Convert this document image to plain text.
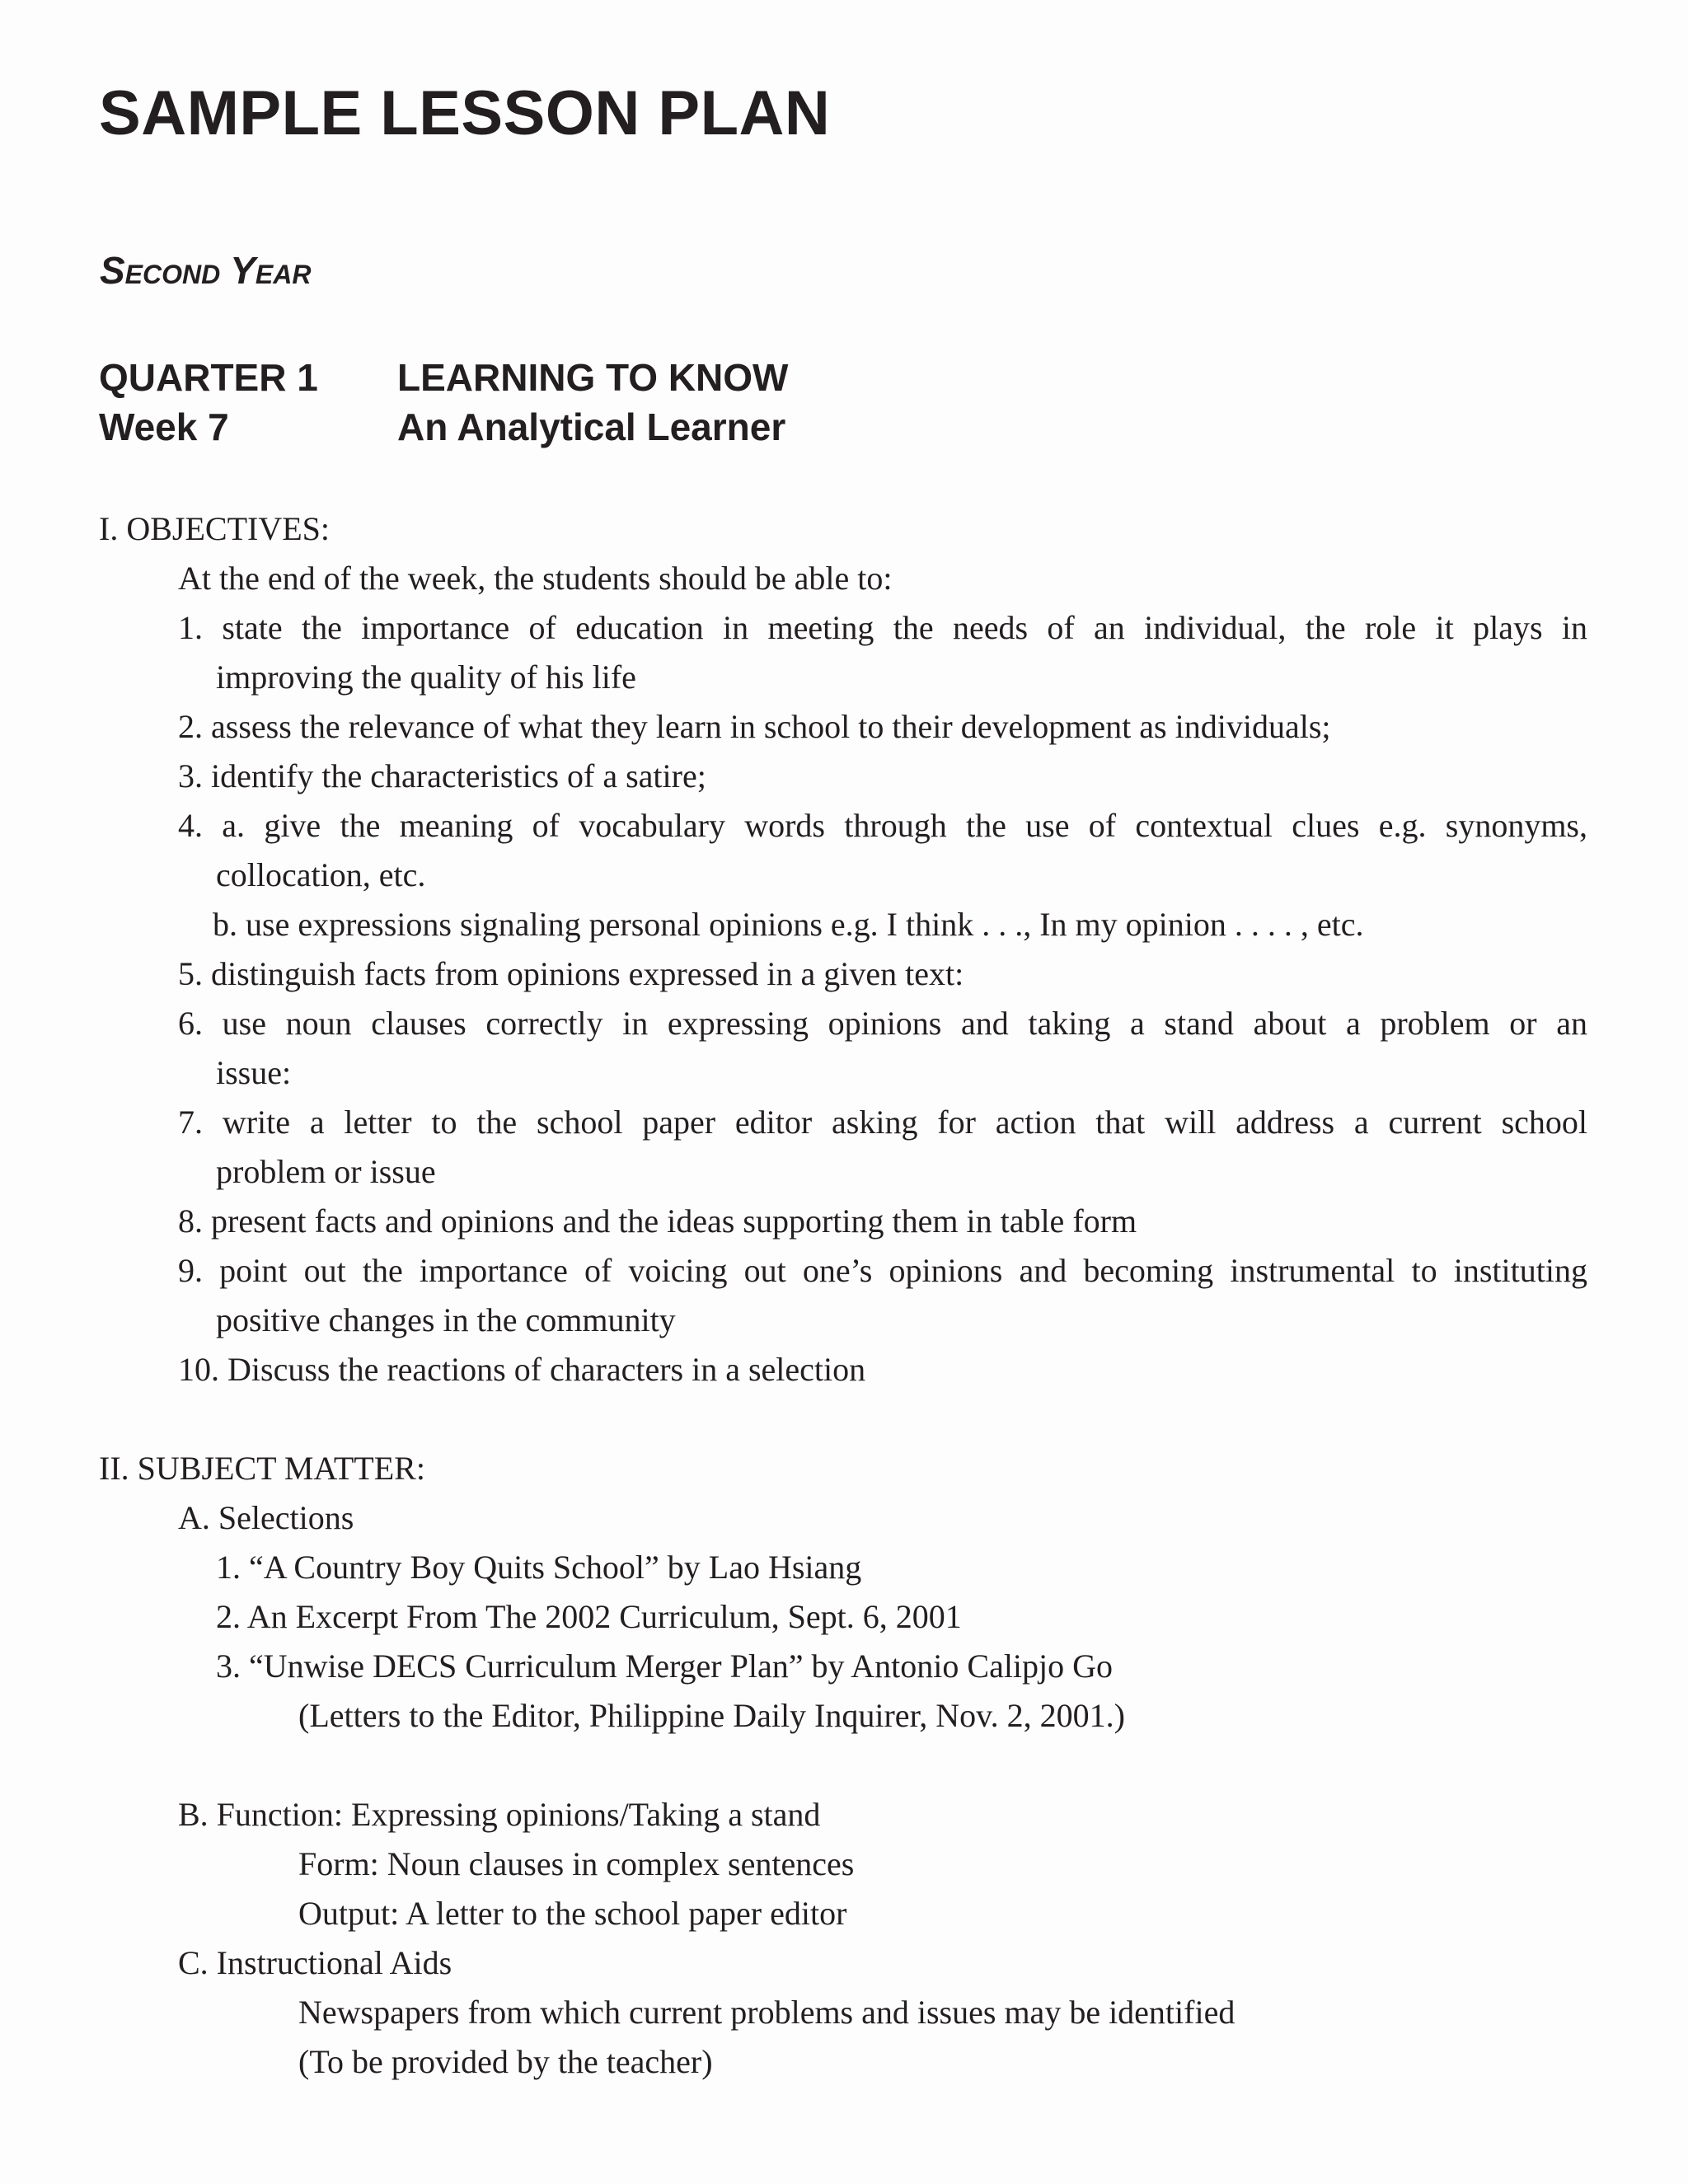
SAMPLE LESSON PLAN
Second Year
QUARTER 1	LEARNING TO KNOW
Week 7	An Analytical Learner
I. OBJECTIVES:
At the end of the week, the students should be able to:
1. state the importance of education in meeting the needs of an individual, the role it plays in
improving the quality of his life
2. assess the relevance of what they learn in school to their development as individuals;
3. identify the characteristics of a satire;
4. a. give the meaning of vocabulary words through the use of contextual clues e.g. synonyms,
collocation, etc.
b. use expressions signaling personal opinions e.g. I think . . ., In my opinion . . . . , etc.
5. distinguish facts from opinions expressed in a given text:
6. use noun clauses correctly in expressing opinions and taking a stand about a problem or an
issue:
7. write a letter to the school paper editor asking for action that will address a current school
problem or issue
8. present facts and opinions and the ideas supporting them in table form
9. point out the importance of voicing out one’s opinions and becoming instrumental to instituting
positive changes in the community
10. Discuss the reactions of characters in a selection
II. SUBJECT MATTER:
A. Selections
1. “A Country Boy Quits School” by Lao Hsiang
2. An Excerpt From The 2002 Curriculum, Sept. 6, 2001
3. “Unwise DECS Curriculum Merger Plan” by Antonio Calipjo Go
(Letters to the Editor, Philippine Daily Inquirer, Nov. 2, 2001.)
B. Function: Expressing opinions/Taking a stand
Form: Noun clauses in complex sentences
Output: A letter to the school paper editor
C. Instructional Aids
Newspapers from which current problems and issues may be identified
(To be provided by the teacher)
